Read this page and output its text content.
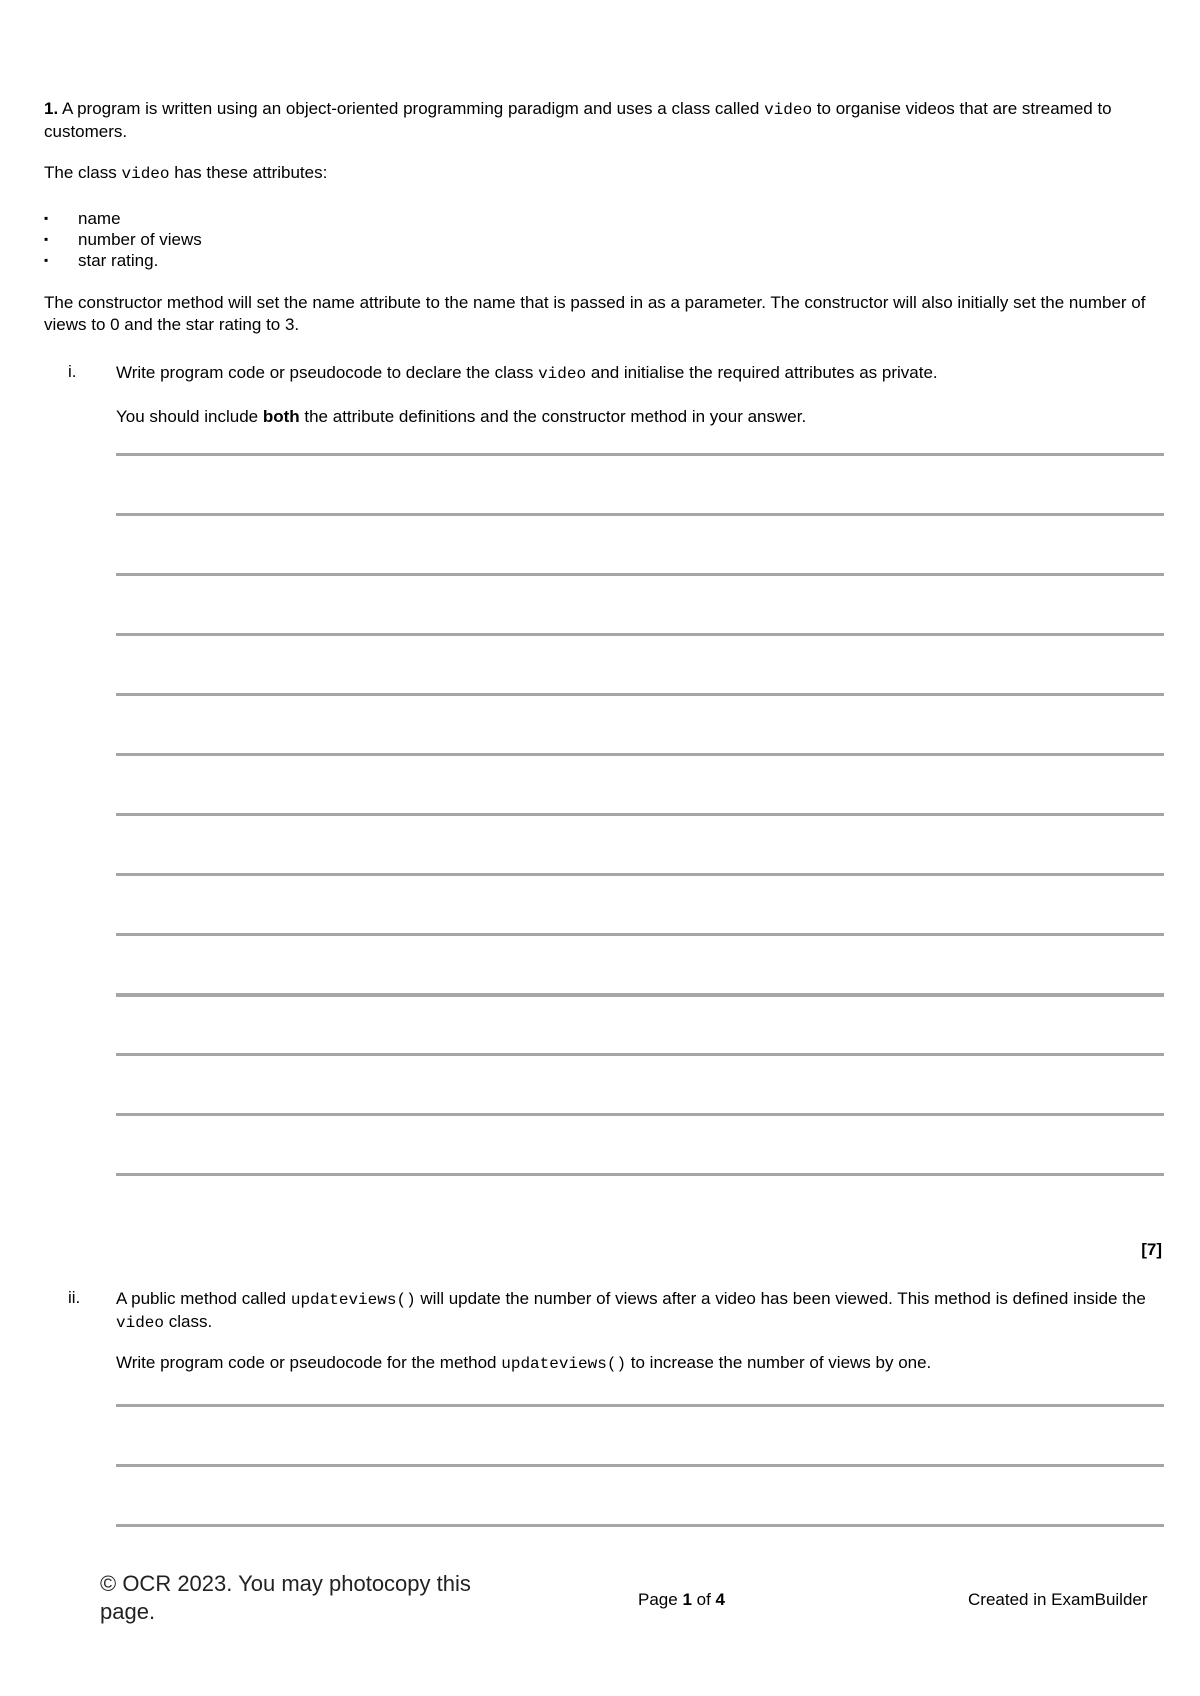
1. A program is written using an object-oriented programming paradigm and uses a class called video to organise videos that are streamed to customers.

The class video has these attributes:

▪	name
▪	number of views
▪	star rating.

The constructor method will set the name attribute to the name that is passed in as a parameter. The constructor will also initially set the number of views to 0 and the star rating to 3.

i. Write program code or pseudocode to declare the class video and initialise the required attributes as private.

You should include both the attribute definitions and the constructor method in your answer.

[7]
ii. A public method called updateviews() will update the number of views after a video has been viewed. This method is defined inside the video class.

Write program code or pseudocode for the method updateviews() to increase the number of views by one.

© OCR 2023. You may photocopy this page.	Page 1 of 4	Created in ExamBuilder
